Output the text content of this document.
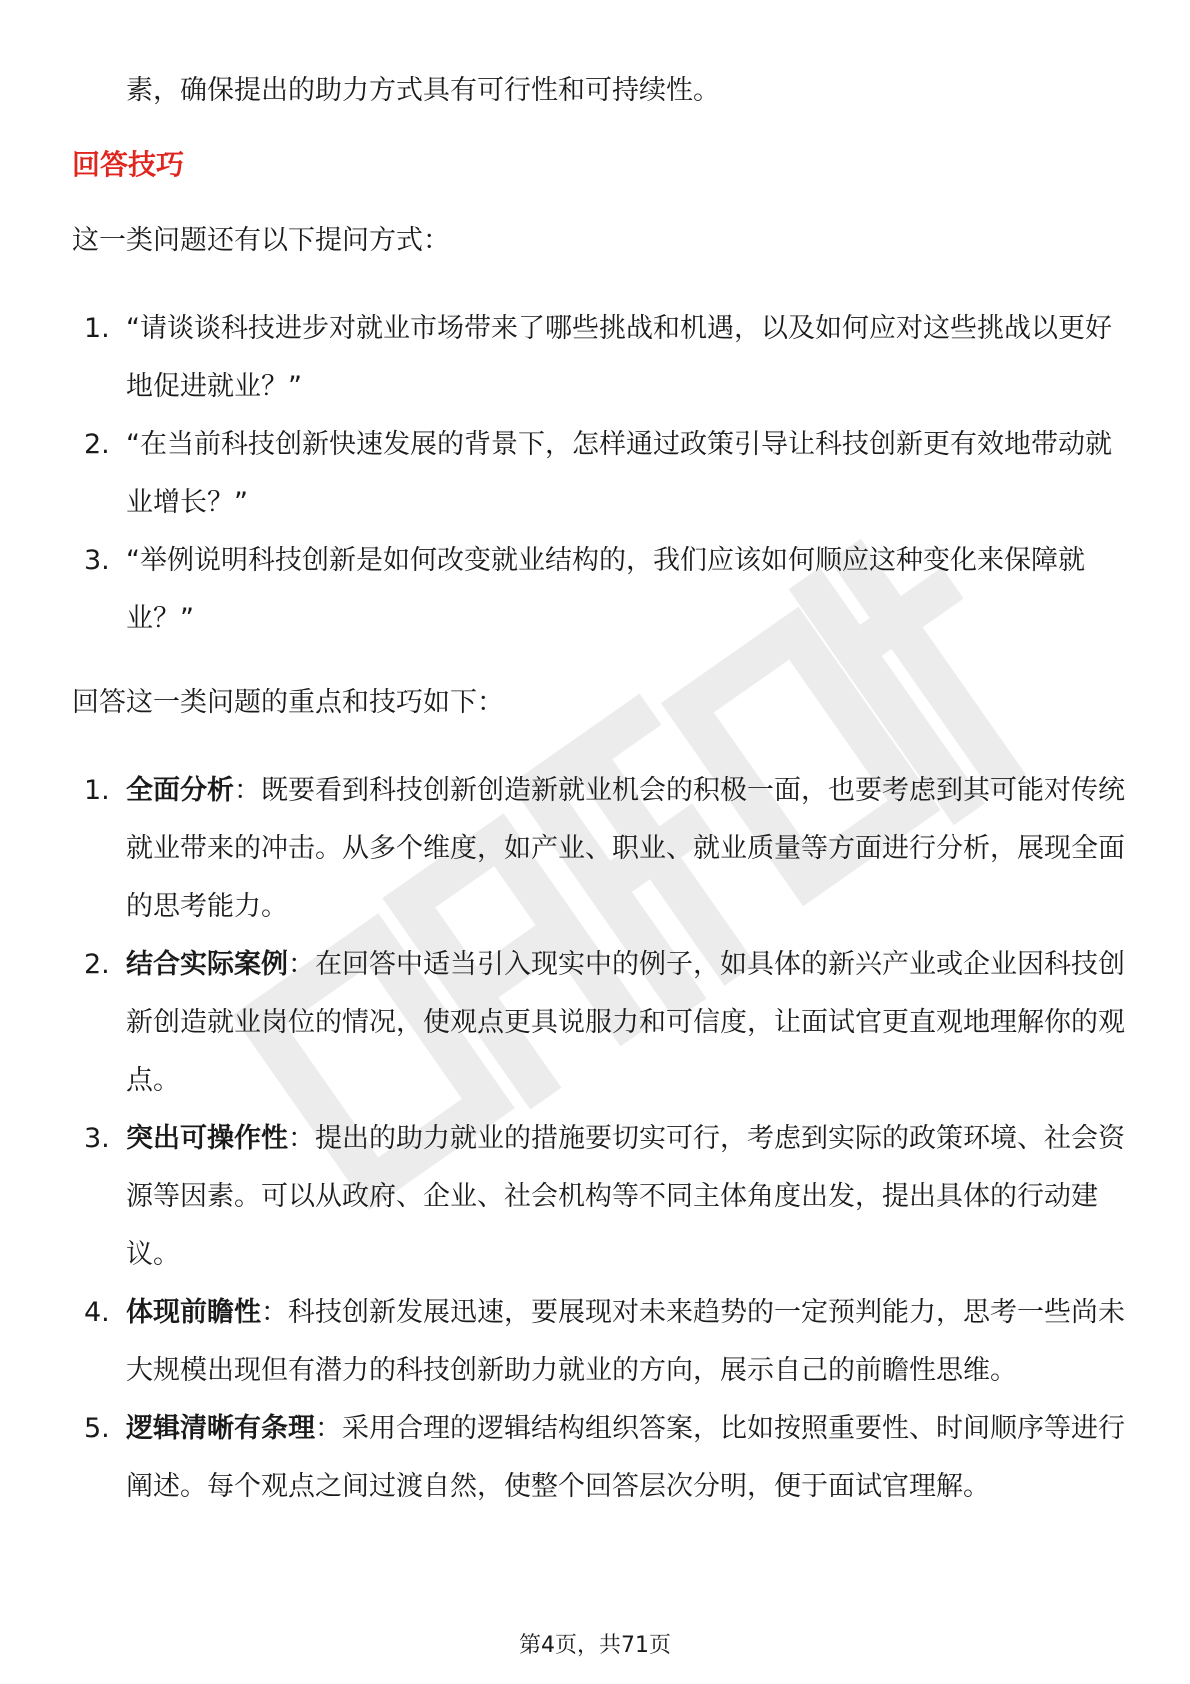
素，确保提出的助力方式具有可行性和可持续性。

回答技巧

这一类问题还有以下提问方式：

1. “请谈谈科技进步对就业市场带来了哪些挑战和机遇，以及如何应对这些挑战以更好地促进就业？”
2. “在当前科技创新快速发展的背景下，怎样通过政策引导让科技创新更有效地带动就业增长？”
3. “举例说明科技创新是如何改变就业结构的，我们应该如何顺应这种变化来保障就业？”

回答这一类问题的重点和技巧如下：

1. 全面分析：既要看到科技创新创造新就业机会的积极一面，也要考虑到其可能对传统就业带来的冲击。从多个维度，如产业、职业、就业质量等方面进行分析，展现全面的思考能力。
2. 结合实际案例：在回答中适当引入现实中的例子，如具体的新兴产业或企业因科技创新创造就业岗位的情况，使观点更具说服力和可信度，让面试官更直观地理解你的观点。
3. 突出可操作性：提出的助力就业的措施要切实可行，考虑到实际的政策环境、社会资源等因素。可以从政府、企业、社会机构等不同主体角度出发，提出具体的行动建议。
4. 体现前瞻性：科技创新发展迅速，要展现对未来趋势的一定预判能力，思考一些尚未大规模出现但有潜力的科技创新助力就业的方向，展示自己的前瞻性思维。
5. 逻辑清晰有条理：采用合理的逻辑结构组织答案，比如按照重要性、时间顺序等进行阐述。每个观点之间过渡自然，使整个回答层次分明，便于面试官理解。
第4页，共71页
